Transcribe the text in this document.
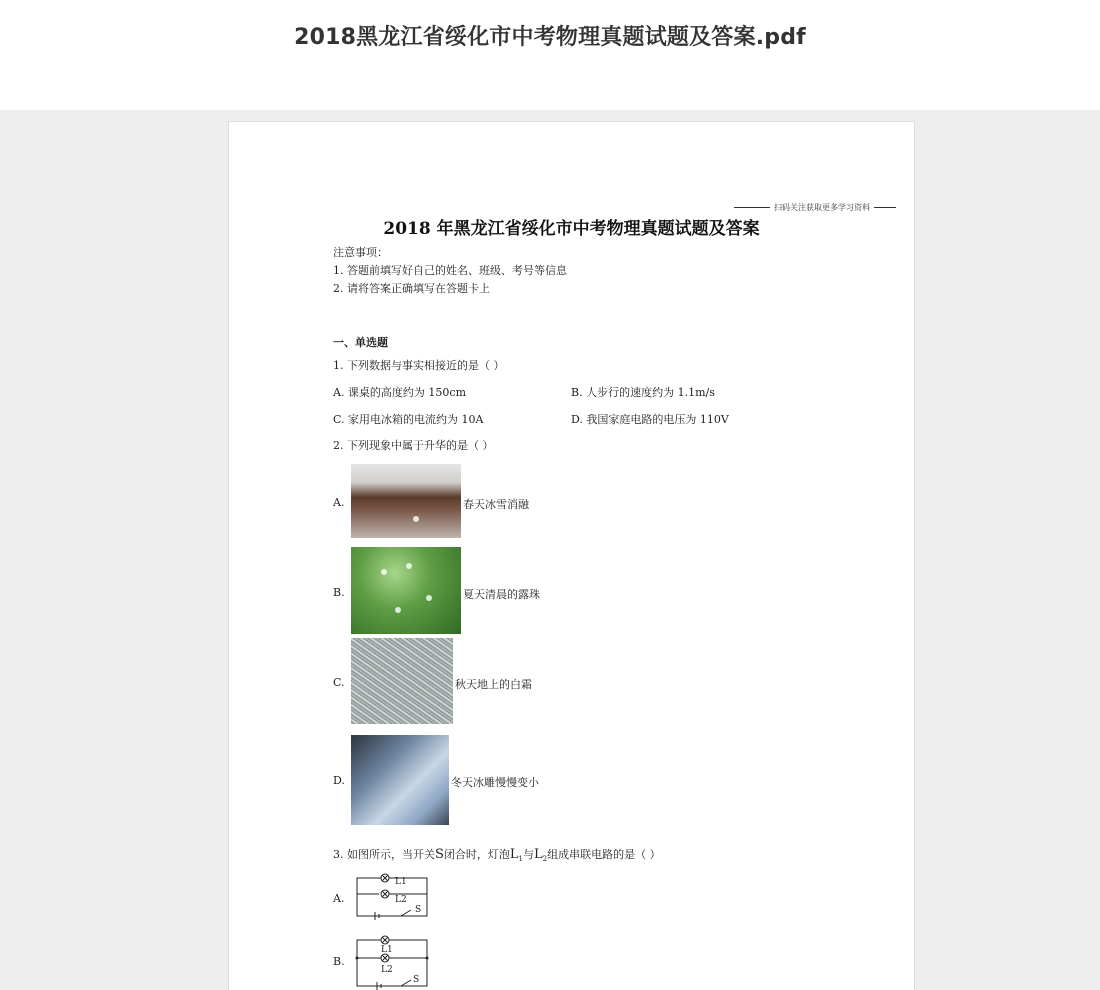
2018黑龙江省绥化市中考物理真题试题及答案.pdf
扫码关注获取更多学习资料
2018 年黑龙江省绥化市中考物理真题试题及答案
注意事项：
1. 答题前填写好自己的姓名、班级、考号等信息
2. 请将答案正确填写在答题卡上
一、单选题
1. 下列数据与事实相接近的是（ ）
A. 课桌的高度约为 150cm	B. 人步行的速度约为 1.1m/s
C. 家用电冰箱的电流约为 10A	D. 我国家庭电路的电压为 110V
2. 下列现象中属于升华的是（ ）
A.	春天冰雪消融
B.	夏天清晨的露珠
C.	秋天地上的白霜
D.	冬天冰雕慢慢变小
3. 如图所示，当开关S闭合时，灯泡$L_1$与$L_2$组成串联电路的是（ ）
A.
L1
L2
S
B.
L1
L2
S
